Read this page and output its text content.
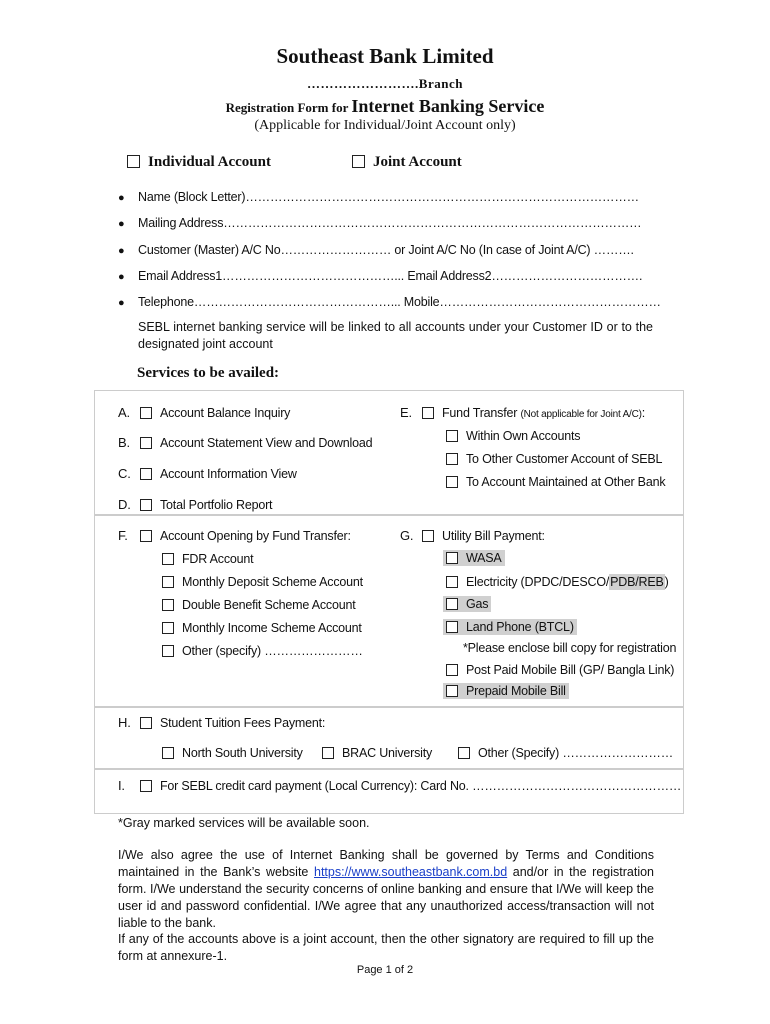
Southeast Bank Limited
…………………….Branch
Registration Form for Internet Banking Service
(Applicable for Individual/Joint Account only)
Individual Account	Joint Account
● Name (Block Letter)……………………………………………………………………………………
● Mailing Address…………………………………………………………………………………………
● Customer (Master) A/C No……………………… or Joint A/C No (In case of Joint A/C) ……….
● Email Address1……………………………………... Email Address2……………………………….
● Telephone…………………………………………... Mobile………………………………………………
SEBL internet banking service will be linked to all accounts under your Customer ID or to the designated joint account
Services to be availed:
A. Account Balance Inquiry
B. Account Statement View and Download
C. Account Information View
D. Total Portfolio Report
E. Fund Transfer (Not applicable for Joint A/C):
Within Own Accounts
To Other Customer Account of SEBL
To Account Maintained at Other Bank
F.	Account Opening by Fund Transfer:
FDR Account
Monthly Deposit Scheme Account
Double Benefit Scheme Account
Monthly Income Scheme Account
Other (specify) ……………………
G. Utility Bill Payment:
WASA
Electricity (DPDC/DESCO/PDB/REB)
Gas
Land Phone (BTCL)
*Please enclose bill copy for registration
Post Paid Mobile Bill (GP/ Bangla Link)
Prepaid Mobile Bill
H. Student Tuition Fees Payment:
North South University	BRAC University	Other (Specify) ………………………
I.	For SEBL credit card payment (Local Currency): Card No. ……………………………………………
*Gray marked services will be available soon.
I/We also agree the use of Internet Banking shall be governed by Terms and Conditions maintained in the Bank’s website https://www.southeastbank.com.bd and/or in the registration form. I/We understand the security concerns of online banking and ensure that I/We will keep the user id and password confidential. I/We agree that any unauthorized access/transaction will not liable to the bank.
If any of the accounts above is a joint account, then the other signatory are required to fill up the form at annexure-1.
Page 1 of 2
